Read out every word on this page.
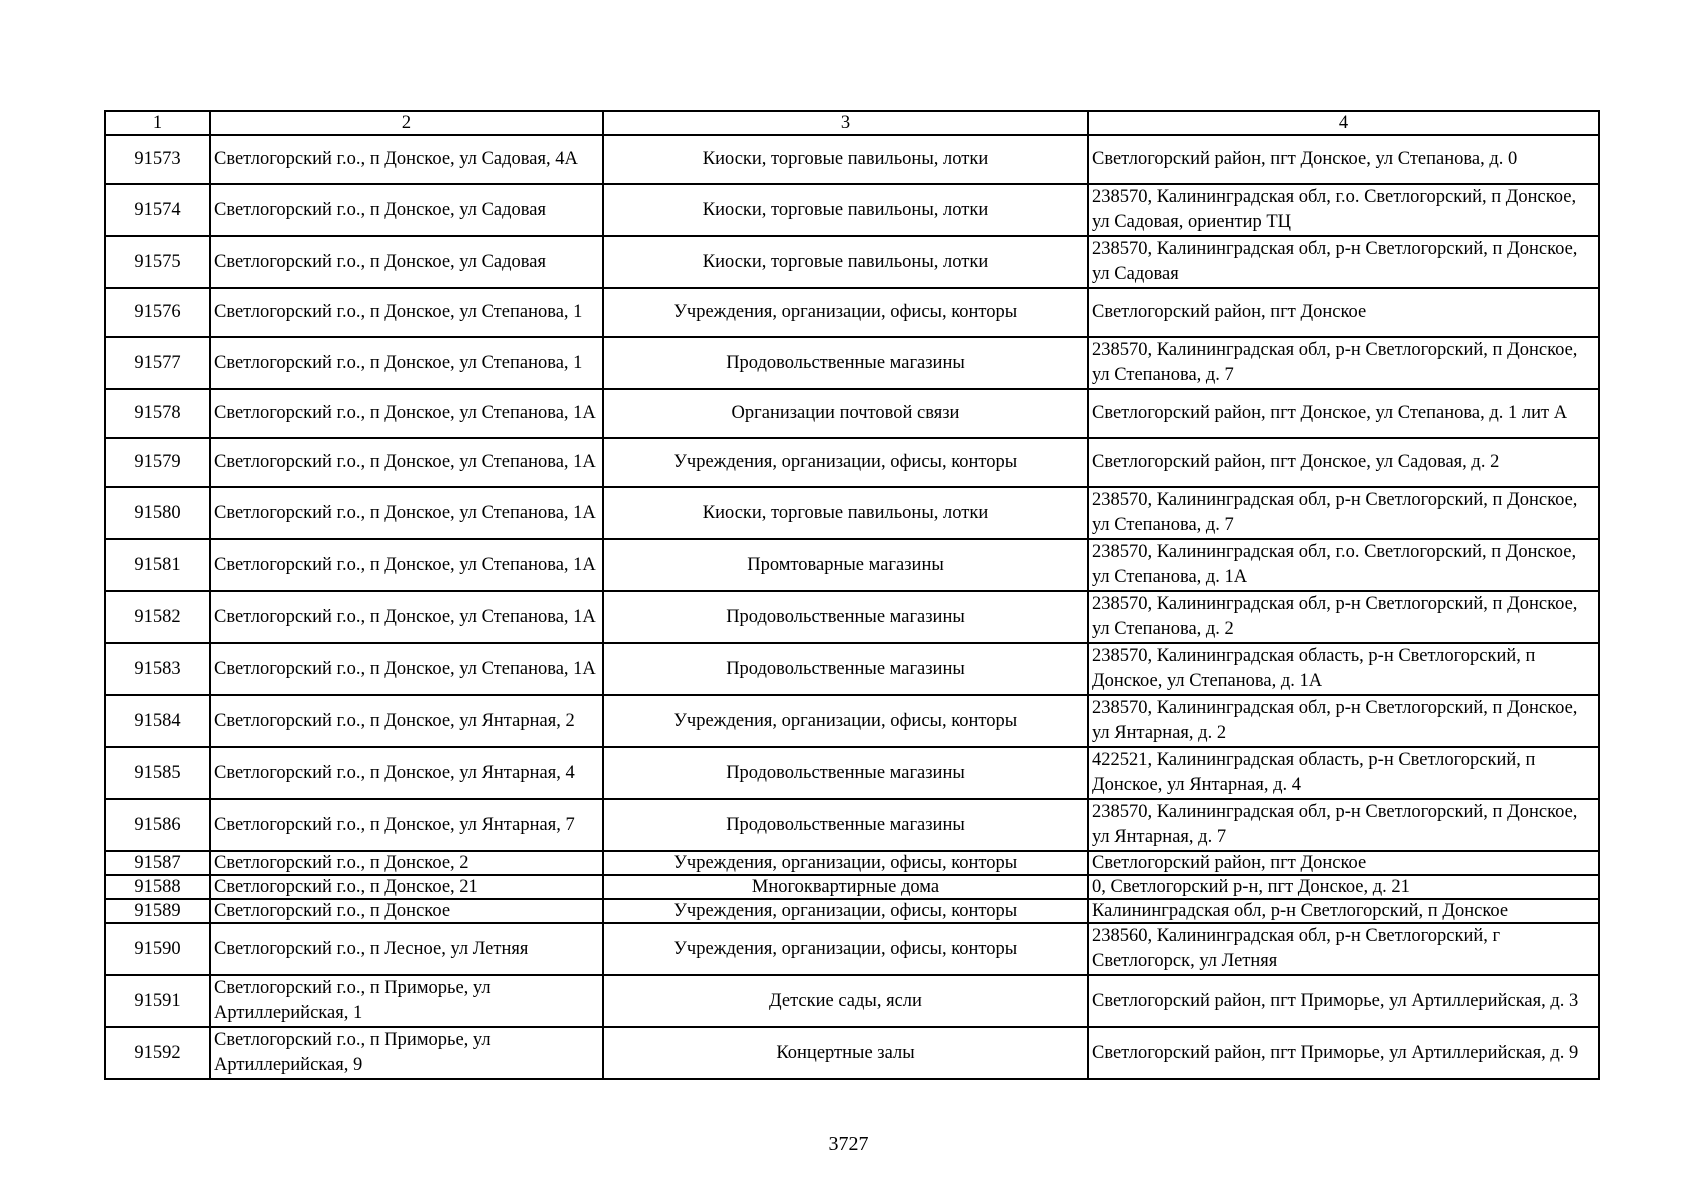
1	2	3	4
91573	Светлогорский г.о., п Донское, ул Садовая, 4А	Киоски, торговые павильоны, лотки	Светлогорский район, пгт Донское, ул Степанова, д. 0
91574	Светлогорский г.о., п Донское, ул Садовая	Киоски, торговые павильоны, лотки	238570, Калининградская обл, г.о. Светлогорский, п Донское, ул Садовая, ориентир ТЦ
91575	Светлогорский г.о., п Донское, ул Садовая	Киоски, торговые павильоны, лотки	238570, Калининградская обл, р-н Светлогорский, п Донское, ул Садовая
91576	Светлогорский г.о., п Донское, ул Степанова, 1	Учреждения, организации, офисы, конторы	Светлогорский район, пгт Донское
91577	Светлогорский г.о., п Донское, ул Степанова, 1	Продовольственные магазины	238570, Калининградская обл, р-н Светлогорский, п Донское, ул Степанова, д. 7
91578	Светлогорский г.о., п Донское, ул Степанова, 1А	Организации почтовой связи	Светлогорский район, пгт Донское, ул Степанова, д. 1 лит А
91579	Светлогорский г.о., п Донское, ул Степанова, 1А	Учреждения, организации, офисы, конторы	Светлогорский район, пгт Донское, ул Садовая, д. 2
91580	Светлогорский г.о., п Донское, ул Степанова, 1А	Киоски, торговые павильоны, лотки	238570, Калининградская обл, р-н Светлогорский, п Донское, ул Степанова, д. 7
91581	Светлогорский г.о., п Донское, ул Степанова, 1А	Промтоварные магазины	238570, Калининградская обл, г.о. Светлогорский, п Донское, ул Степанова, д. 1А
91582	Светлогорский г.о., п Донское, ул Степанова, 1А	Продовольственные магазины	238570, Калининградская обл, р-н Светлогорский, п Донское, ул Степанова, д. 2
91583	Светлогорский г.о., п Донское, ул Степанова, 1А	Продовольственные магазины	238570, Калининградская область, р-н Светлогорский, п Донское, ул Степанова, д. 1А
91584	Светлогорский г.о., п Донское, ул Янтарная, 2	Учреждения, организации, офисы, конторы	238570, Калининградская обл, р-н Светлогорский, п Донское, ул Янтарная, д. 2
91585	Светлогорский г.о., п Донское, ул Янтарная, 4	Продовольственные магазины	422521, Калининградская область, р-н Светлогорский, п Донское, ул Янтарная, д. 4
91586	Светлогорский г.о., п Донское, ул Янтарная, 7	Продовольственные магазины	238570, Калининградская обл, р-н Светлогорский, п Донское, ул Янтарная, д. 7
91587	Светлогорский г.о., п Донское, 2	Учреждения, организации, офисы, конторы	Светлогорский район, пгт Донское
91588	Светлогорский г.о., п Донское, 21	Многоквартирные дома	0, Светлогорский р-н, пгт Донское, д. 21
91589	Светлогорский г.о., п Донское	Учреждения, организации, офисы, конторы	Калининградская обл, р-н Светлогорский, п Донское
91590	Светлогорский г.о., п Лесное, ул Летняя	Учреждения, организации, офисы, конторы	238560, Калининградская обл, р-н Светлогорский, г Светлогорск, ул Летняя
91591	Светлогорский г.о., п Приморье, ул Артиллерийская, 1	Детские сады, ясли	Светлогорский район, пгт Приморье, ул Артиллерийская, д. 3
91592	Светлогорский г.о., п Приморье, ул Артиллерийская, 9	Концертные залы	Светлогорский район, пгт Приморье, ул Артиллерийская, д. 9
3727
